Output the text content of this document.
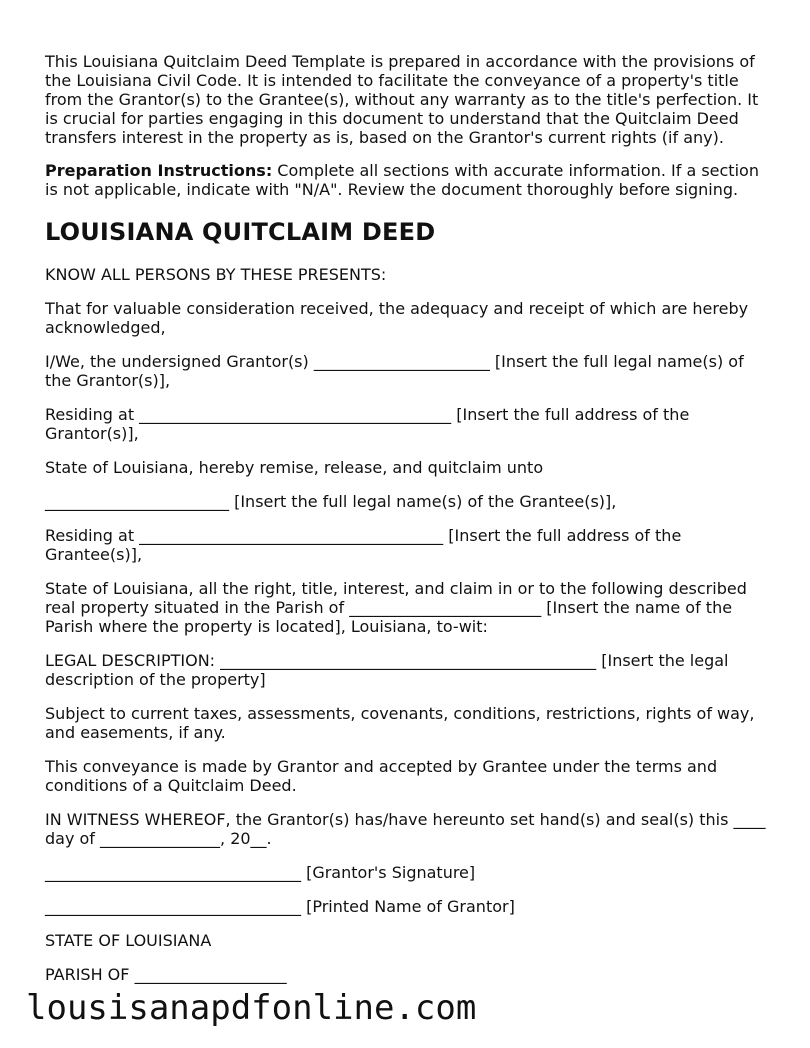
This Louisiana Quitclaim Deed Template is prepared in accordance with the provisions of the Louisiana Civil Code. It is intended to facilitate the conveyance of a property's title from the Grantor(s) to the Grantee(s), without any warranty as to the title's perfection. It is crucial for parties engaging in this document to understand that the Quitclaim Deed transfers interest in the property as is, based on the Grantor's current rights (if any).

Preparation Instructions: Complete all sections with accurate information. If a section is not applicable, indicate with "N/A". Review the document thoroughly before signing.

LOUISIANA QUITCLAIM DEED

KNOW ALL PERSONS BY THESE PRESENTS:

That for valuable consideration received, the adequacy and receipt of which are hereby acknowledged,

I/We, the undersigned Grantor(s) ______________________ [Insert the full legal name(s) of the Grantor(s)],

Residing at _______________________________________ [Insert the full address of the Grantor(s)],

State of Louisiana, hereby remise, release, and quitclaim unto

_______________________ [Insert the full legal name(s) of the Grantee(s)],

Residing at ______________________________________ [Insert the full address of the Grantee(s)],

State of Louisiana, all the right, title, interest, and claim in or to the following described real property situated in the Parish of ________________________ [Insert the name of the Parish where the property is located], Louisiana, to-wit:

LEGAL DESCRIPTION: _______________________________________________ [Insert the legal description of the property]

Subject to current taxes, assessments, covenants, conditions, restrictions, rights of way, and easements, if any.

This conveyance is made by Grantor and accepted by Grantee under the terms and conditions of a Quitclaim Deed.

IN WITNESS WHEREOF, the Grantor(s) has/have hereunto set hand(s) and seal(s) this ____ day of _______________, 20__.

________________________________ [Grantor's Signature]

________________________________ [Printed Name of Grantor]

STATE OF LOUISIANA

PARISH OF ___________________

lousisanapdfonline.com
